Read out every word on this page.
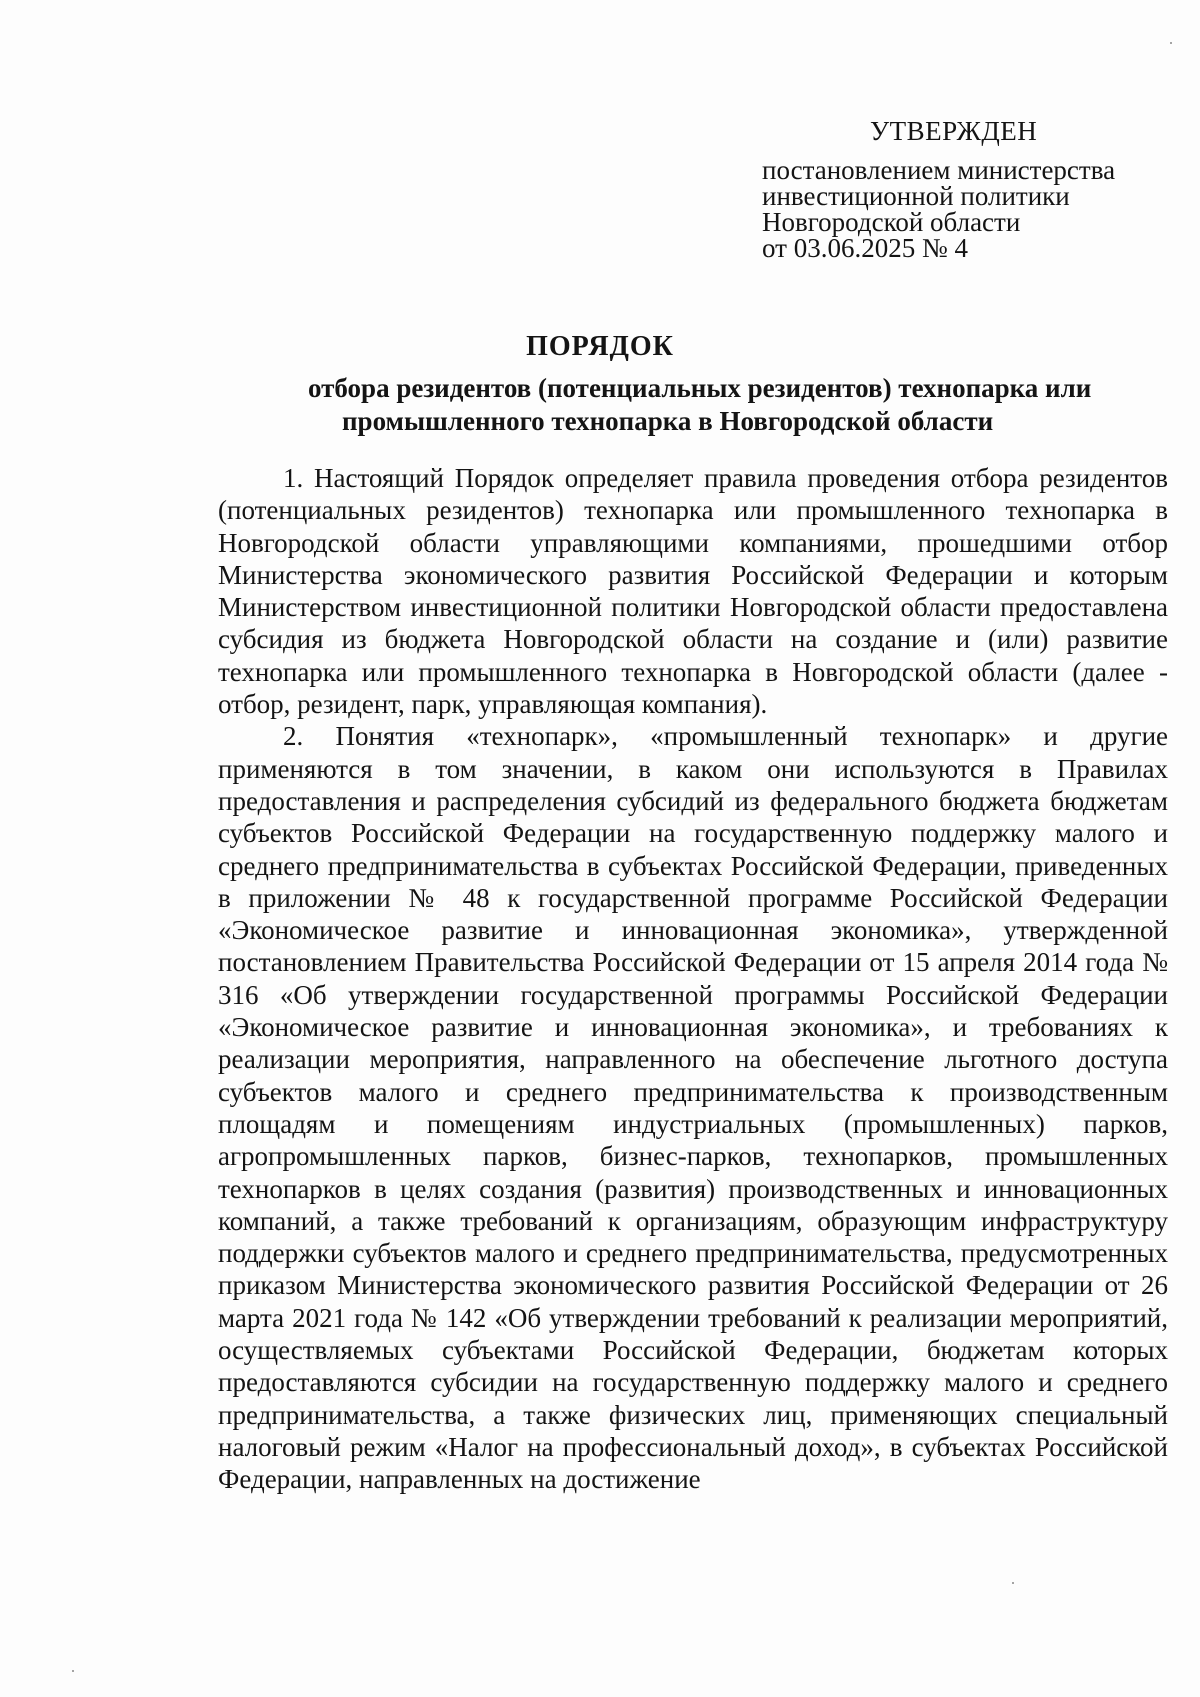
УТВЕРЖДЕН
постановлением министерства
инвестиционной политики
Новгородской области
от 03.06.2025 № 4
ПОРЯДОК
отбора резидентов (потенциальных резидентов) технопарка или
промышленного технопарка в Новгородской области

1. Настоящий Порядок определяет правила проведения отбора резидентов (потенциальных резидентов) технопарка или промышленного технопарка в Новгородской области управляющими компаниями, прошедшими отбор Министерства экономического развития Российской Федерации и которым Министерством инвестиционной политики Новгородской области предоставлена субсидия из бюджета Новгородской области на создание и (или) развитие технопарка или промышленного технопарка в Новгородской области (далее - отбор, резидент, парк, управляющая компания).

2. Понятия «технопарк», «промышленный технопарк» и другие применяются в том значении, в каком они используются в Правилах предоставления и распределения субсидий из федерального бюджета бюджетам субъектов Российской Федерации на государственную поддержку малого и среднего предпринимательства в субъектах Российской Федерации, приведенных в приложении № 48 к государственной программе Российской Федерации «Экономическое развитие и инновационная экономика», утвержденной постановлением Правительства Российской Федерации от 15 апреля 2014 года № 316 «Об утверждении государственной программы Российской Федерации «Экономическое развитие и инновационная экономика», и требованиях к реализации мероприятия, направленного на обеспечение льготного доступа субъектов малого и среднего предпринимательства к производственным площадям и помещениям индустриальных (промышленных) парков, агропромышленных парков, бизнес-парков, технопарков, промышленных технопарков в целях создания (развития) производственных и инновационных компаний, а также требований к организациям, образующим инфраструктуру поддержки субъектов малого и среднего предпринимательства, предусмотренных приказом Министерства экономического развития Российской Федерации от 26 марта 2021 года № 142 «Об утверждении требований к реализации мероприятий, осуществляемых субъектами Российской Федерации, бюджетам которых предоставляются субсидии на государственную поддержку малого и среднего предпринимательства, а также физических лиц, применяющих специальный налоговый режим «Налог на профессиональный доход», в субъектах Российской Федерации, направленных на достижение
